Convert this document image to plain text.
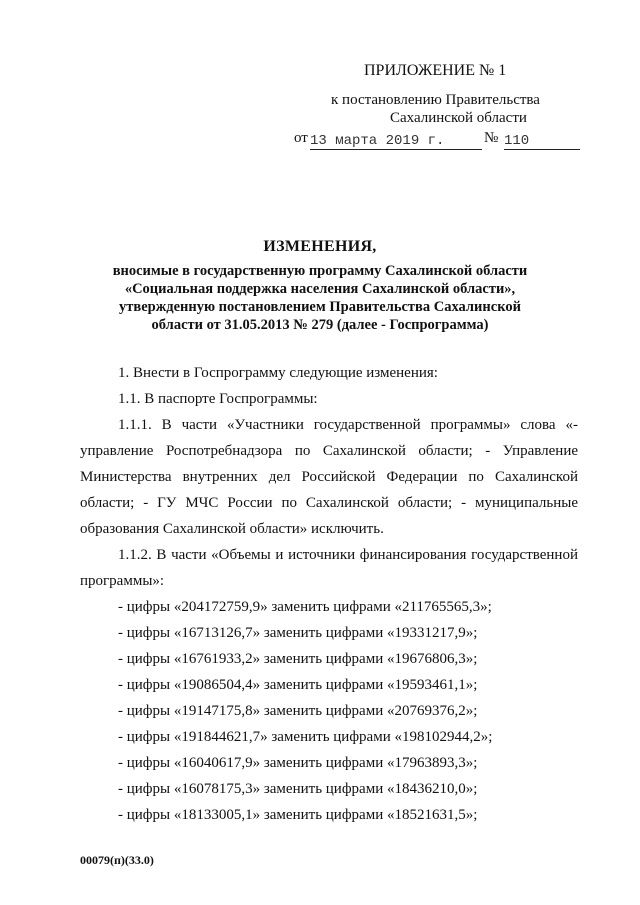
ПРИЛОЖЕНИЕ № 1
к постановлению Правительства
Сахалинской области
от 13 марта 2019 г.	№ 110
ИЗМЕНЕНИЯ,
вносимые в государственную программу Сахалинской области
«Социальная поддержка населения Сахалинской области»,
утвержденную постановлением Правительства Сахалинской
области от 31.05.2013 № 279 (далее - Госпрограмма)

1. Внести в Госпрограмму следующие изменения:

1.1. В паспорте Госпрограммы:

1.1.1. В части «Участники государственной программы» слова «- управление Роспотребнадзора по Сахалинской области; - Управление Министерства внутренних дел Российской Федерации по Сахалинской области; - ГУ МЧС России по Сахалинской области; - муниципальные образования Сахалинской области» исключить.

1.1.2. В части «Объемы и источники финансирования государственной программы»:

- цифры «204172759,9» заменить цифрами «211765565,3»;

- цифры «16713126,7» заменить цифрами «19331217,9»;

- цифры «16761933,2» заменить цифрами «19676806,3»;

- цифры «19086504,4» заменить цифрами «19593461,1»;

- цифры «19147175,8» заменить цифрами «20769376,2»;

- цифры «191844621,7» заменить цифрами «198102944,2»;

- цифры «16040617,9» заменить цифрами «17963893,3»;

- цифры «16078175,3» заменить цифрами «18436210,0»;

- цифры «18133005,1» заменить цифрами «18521631,5»;

00079(п)(33.0)
